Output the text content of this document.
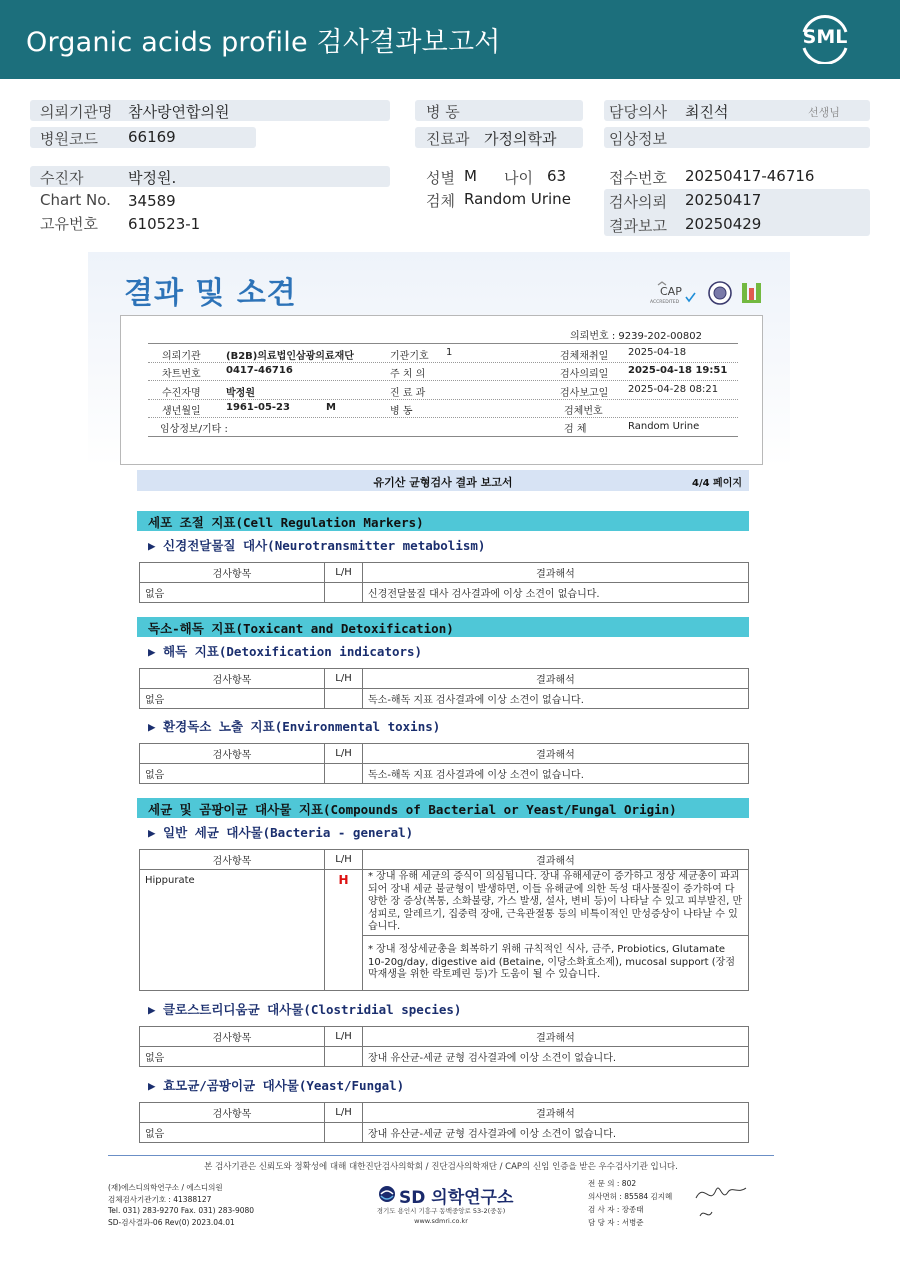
Organic acids profile 검사결과보고서	SML
의뢰기관명 참사랑연합의원
병원코드 66169
병 동
진료과 가정의학과
담당의사 최진석	선생님
임상정보
수진자	박정원.
Chart No. 34589
고유번호 610523-1
성별 M 나이 63
검체 Random Urine
접수번호 20250417-46716
검사의뢰 20250417
결과보고 20250429
결과 및 소견	CAP
ACCREDITED
의뢰번호 : 9239-202-00802
의뢰기관	(B2B)의료법인삼광의료재단	기관기호 1	검체채취일 2025-04-18
차트번호	0417-46716	주 치 의	검사의뢰일 2025-04-18 19:51
수진자명	박정원	진 료 과	검사보고일 2025-04-28 08:21
생년월일	1961-05-23	M	병 동	검체번호
임상정보/기타 :	검 체	Random Urine
유기산 균형검사 결과 보고서	4/4 페이지
세포 조절 지표(Cell Regulation Markers)
▶ 신경전달물질 대사(Neurotransmitter metabolism)
검사항목	L/H	결과해석
없음		신경전달물질 대사 검사결과에 이상 소견이 없습니다.
독소-해독 지표(Toxicant and Detoxification)
▶ 해독 지표(Detoxification indicators)
검사항목	L/H	결과해석
없음		독소-해독 지표 검사결과에 이상 소견이 없습니다.
▶ 환경독소 노출 지표(Environmental toxins)
검사항목	L/H	결과해석
없음		독소-해독 지표 검사결과에 이상 소견이 없습니다.
세균 및 곰팡이균 대사물 지표(Compounds of Bacterial or Yeast/Fungal Origin)
▶ 일반 세균 대사물(Bacteria - general)
검사항목	L/H	결과해석
Hippurate	H	* 장내 유해 세균의 증식이 의심됩니다. 장내 유해세균이 증가하고 정상 세균총이 파괴되어 장내 세균 불균형이 발생하면, 이들 유해균에 의한 독성 대사물질이 증가하여 다양한 장 증상(복통, 소화불량, 가스 발생, 설사, 변비 등)이 나타날 수 있고 피부발진, 만성피로, 알레르기, 집중력 장애, 근육관절통 등의 비특이적인 만성증상이 나타날 수 있습니다.
		* 장내 정상세균총을 회복하기 위해 규칙적인 식사, 금주, Probiotics, Glutamate 10-20g/day, digestive aid (Betaine, 이당소화효소제), mucosal support (장점막재생을 위한 락토페린 등)가 도움이 될 수 있습니다.
▶ 클로스트리디움균 대사물(Clostridial species)
검사항목	L/H	결과해석
없음		장내 유산균-세균 균형 검사결과에 이상 소견이 없습니다.
▶ 효모균/곰팡이균 대사물(Yeast/Fungal)
검사항목	L/H	결과해석
없음		장내 유산균-세균 균형 검사결과에 이상 소견이 없습니다.
본 검사기관은 신뢰도와 정확성에 대해 대한진단검사의학회 / 진단검사의학재단 / CAP의 신임 인증을 받은 우수검사기관 입니다.
(재)에스디의학연구소 / 에스디의원
검체검사기관기호 : 41388127
Tel. 031) 283-9270 Fax. 031) 283-9080
SD-검사결과-06 Rev(0) 2023.04.01
SD 의학연구소
경기도 용인시 기흥구 동백중앙로 53-2(중동)
www.sdmri.co.kr
전 문 의 : 802
의사면허 : 85584 김지혜
검 사 자 : 장종태
담 당 자 : 서병준
